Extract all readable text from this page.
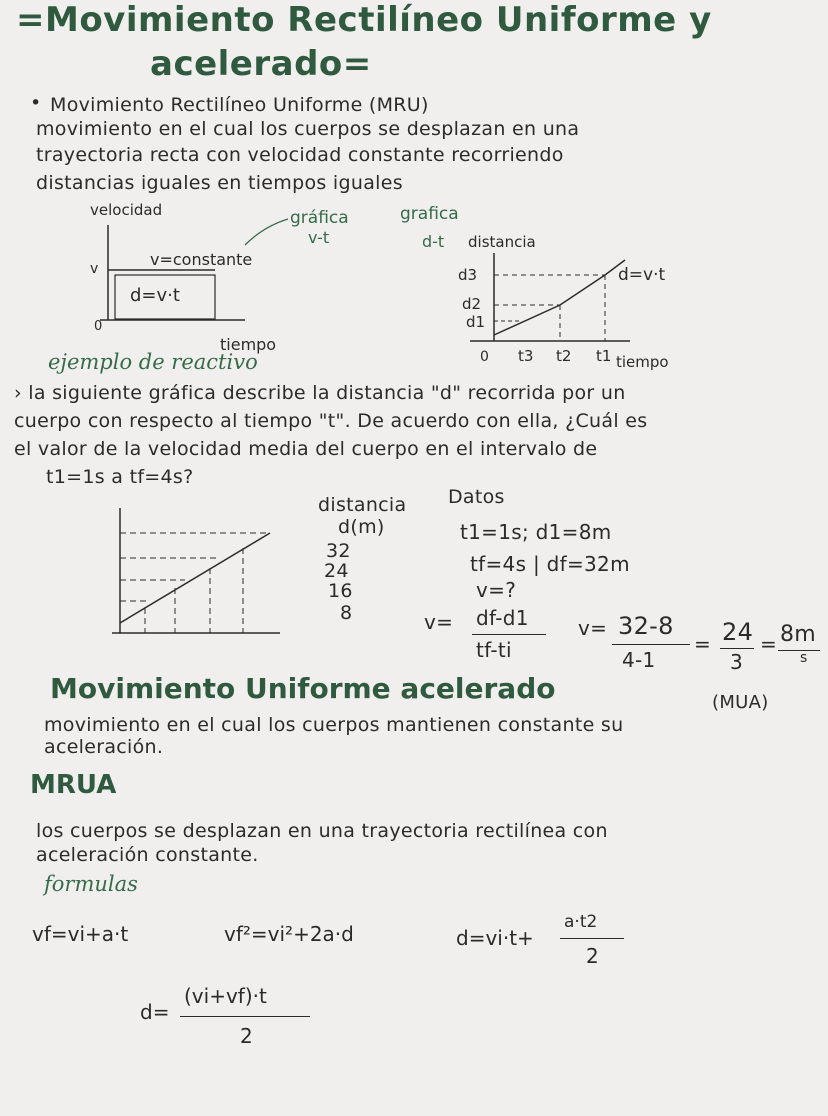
=Movimiento Rectilíneo Uniforme y
acelerado=
• Movimiento Rectilíneo Uniforme (MRU)
movimiento en el cual los cuerpos se desplazan en una
trayectoria recta con velocidad constante recorriendo
distancias iguales en tiempos iguales
velocidad
v	v=constante
d=v·t
0
tiempo
gráfica
v-t
grafica
d-t distancia
d3
d2
d1
d=v·t
0 t3 t2 t1 tiempo
ejemplo de reactivo
› la siguiente gráfica describe la distancia "d" recorrida por un
cuerpo con respecto al tiempo "t". De acuerdo con ella, ¿Cuál es
el valor de la velocidad media del cuerpo en el intervalo de
t1=1s a tf=4s?
distancia
d(m)
32
24
16
8
Datos
t1=1s; d1=8m
tf=4s | df=32m
v=?
v= df-d1
tf-ti
v= 32-8
4-1
= 24
3
= 8m
s
Movimiento Uniforme acelerado	(MUA)
movimiento en el cual los cuerpos mantienen constante su
aceleración.
MRUA
los cuerpos se desplazan en una trayectoria rectilínea con
aceleración constante.
formulas
vf=vi+a·t	vf²=vi²+2a·d	d=vi·t+
a·t2
2
d=
(vi+vf)·t
2
